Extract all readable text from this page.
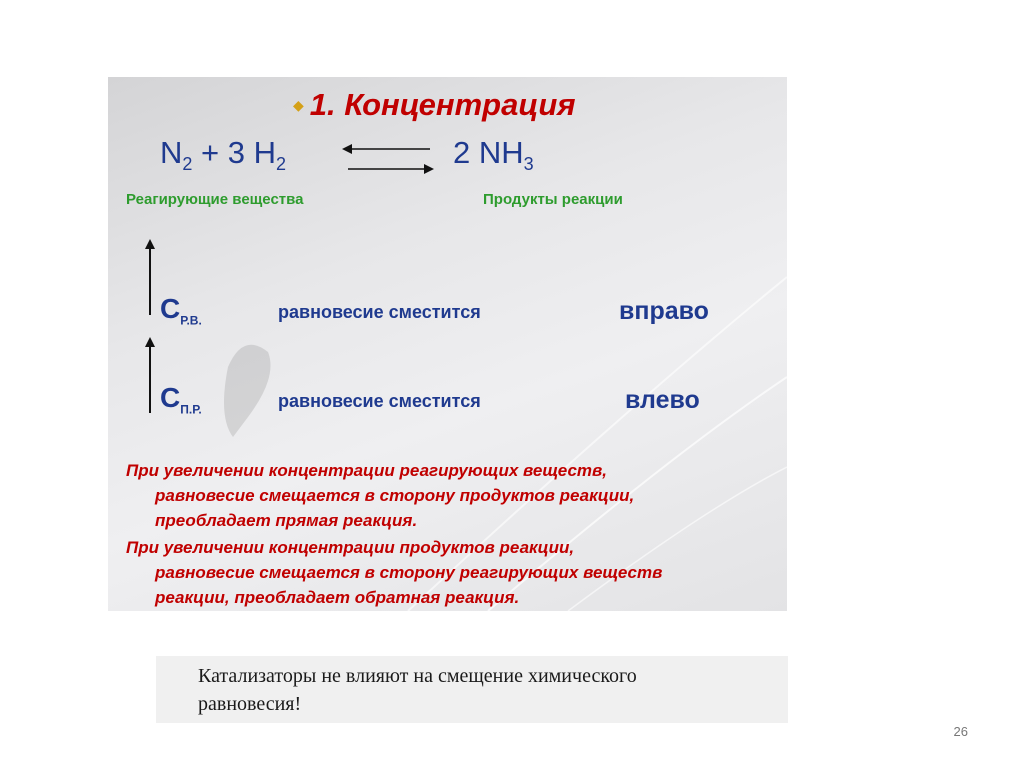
◆ 1. Концентрация
$N_2 + 3$ $H_2$	2 $NH_3$
Реагирующие вещества	Продукты реакции
$С_{Р.В.}$	равновесие сместится	вправо
$С_{П.Р.}$	равновесие сместится	влево
При увеличении концентрации реагирующих веществ,
равновесие смещается в сторону продуктов реакции,
преобладает прямая реакция.
При увеличении концентрации продуктов реакции,
равновесие смещается в сторону реагирующих веществ
реакции, преобладает обратная реакция.
Катализаторы не влияют на смещение химического
равновесия!
26
